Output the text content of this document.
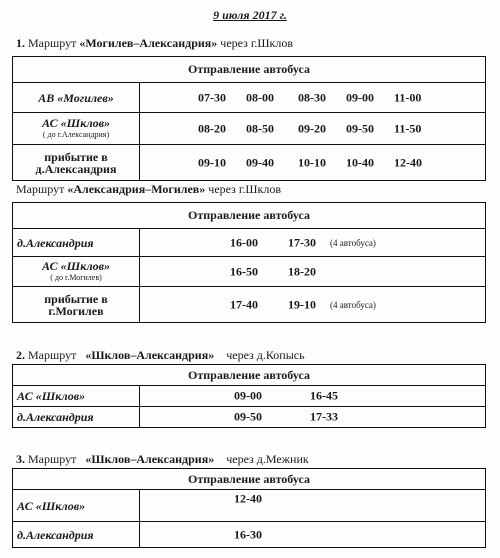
9 июля 2017 г.
1. Маршрут «Могилев–Александрия» через г.Шклов
Отправление автобуса	
АВ «Могилев»	07-30 08-00 08-30 09-00 11-00

АС «Шклов»
( до г.Александрия)	08-20 08-50 09-20 09-50 11-50

прибытие в д.Александрия	09-10 09-40 10-10 10-40 12-40
Маршрут «Александрия–Могилев» через г.Шклов
Отправление автобуса	
д.Александрия	16-00 17-30 (4 автобуса)

АС «Шклов»
( до г.Могилев)	16-50 18-20

прибытие в г.Могилев	17-40 19-10 (4 автобуса)
2. Маршрут «Шклов–Александрия» через д.Копысь
Отправление автобуса	
АС «Шклов»	09-00 16-45

д.Александрия	09-50 17-33
3. Маршрут «Шклов–Александрия» через д.Межник
Отправление автобуса	
АС «Шклов»	12-40

д.Александрия	16-30
